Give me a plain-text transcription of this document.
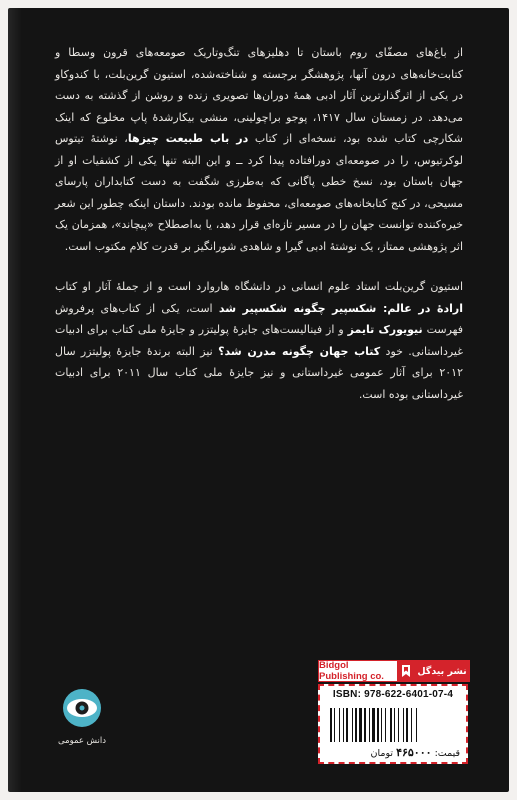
از باغ‌های مصفّای روم باستان تا دهلیزهای تنگ‌وتاریک صومعه‌های قرون وسطا و کتابت‌خانه‌های درون آنها، پژوهشگر برجسته و شناخته‌شده، استیون گرین‌بلت، با کندوکاو در یکی از اثرگذارترین آثار ادبی همهٔ دوران‌ها تصویری زنده و روشن از گذشته به دست می‌دهد. در زمستان سال ۱۴۱۷، پوجو براچولینی، منشی بیکارشدهٔ پاپ مخلوع که اینک شکارچی کتاب شده بود، نسخه‌ای از کتاب در باب طبیعت چیزها، نوشتهٔ تیتوس لوکرتیوس، را در صومعه‌ای دورافتاده پیدا کرد ــ و این البته تنها یکی از کشفیات او از جهان باستان بود، نسخ خطی پاگانی که به‌طرزی شگفت به دست کتابداران پارسای مسیحی، در کنج کتابخانه‌های صومعه‌ای، محفوظ مانده بودند. داستان اینکه چطور این شعر خیره‌کننده توانست جهان را در مسیر تازه‌ای قرار دهد، یا به‌اصطلاح «پیچاند»، همزمان یک اثر پژوهشی ممتاز، یک نوشتهٔ ادبی گیرا و شاهدی شورانگیز بر قدرت کلام مکتوب است.
استیون گرین‌بلت استاد علوم انسانی در دانشگاه هاروارد است و از جملهٔ آثار او کتاب ارادهٔ در عالم: شکسپیر چگونه شکسپیر شد است، یکی از کتاب‌های پرفروش فهرست نیویورک تایمز و از فینالیست‌های جایزهٔ پولیتزر و جایزهٔ ملی کتاب برای ادبیات غیرداستانی. خود کتاب جهان چگونه مدرن شد؟ نیز البته برندهٔ جایزهٔ پولیتزر سال ۲۰۱۲ برای آثار عمومی غیرداستانی و نیز جایزهٔ ملی کتاب سال ۲۰۱۱ برای ادبیات غیرداستانی بوده است.
Bidgol Publishing co.	نشر بیدگل
ISBN: 978-622-6401-07-4
قیمت: ۴۶۵۰۰۰ تومان
دانش عمومی
